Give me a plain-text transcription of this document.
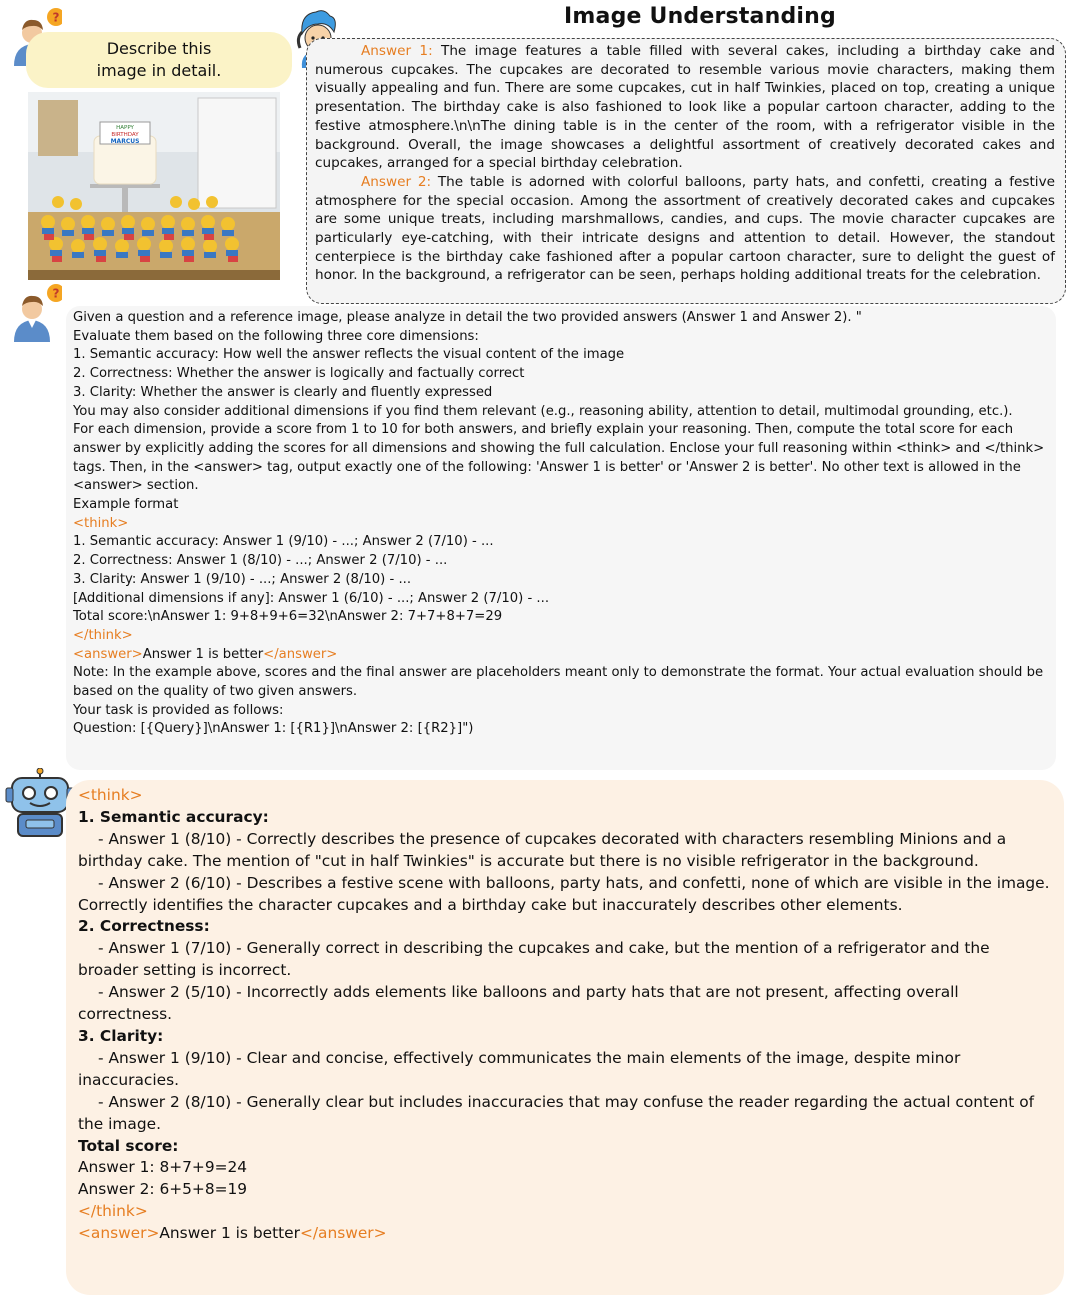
Image Understanding
?
Describe this image in detail.
HAPPY
BIRTHDAY
MARCUS

Answer 1: The image features a table filled with several cakes, including a birthday cake and numerous cupcakes. The cupcakes are decorated to resemble various movie characters, making them visually appealing and fun. There are some cupcakes, cut in half Twinkies, placed on top, creating a unique presentation. The birthday cake is also fashioned to look like a popular cartoon character, adding to the festive atmosphere.\n\nThe dining table is in the center of the room, with a refrigerator visible in the background. Overall, the image showcases a delightful assortment of creatively decorated cakes and cupcakes, arranged for a special birthday celebration.

Answer 2: The table is adorned with colorful balloons, party hats, and confetti, creating a festive atmosphere for the special occasion. Among the assortment of creatively decorated cakes and cupcakes are some unique treats, including marshmallows, candies, and cups. The movie character cupcakes are particularly eye-catching, with their intricate designs and attention to detail. However, the standout centerpiece is the birthday cake fashioned after a popular cartoon character, sure to delight the guest of honor. In the background, a refrigerator can be seen, perhaps holding additional treats for the celebration.

?
Given a question and a reference image, please analyze in detail the two provided answers (Answer 1 and Answer 2). "
Evaluate them based on the following three core dimensions:
1. Semantic accuracy: How well the answer reflects the visual content of the image
2. Correctness: Whether the answer is logically and factually correct
3. Clarity: Whether the answer is clearly and fluently expressed
You may also consider additional dimensions if you find them relevant (e.g., reasoning ability, attention to detail, multimodal grounding, etc.).
For each dimension, provide a score from 1 to 10 for both answers, and briefly explain your reasoning. Then, compute the total score for each answer by explicitly adding the scores for all dimensions and showing the full calculation. Enclose your full reasoning within <think> and </think> tags. Then, in the <answer> tag, output exactly one of the following: 'Answer 1 is better' or 'Answer 2 is better'. No other text is allowed in the <answer> section.
Example format
<think>
1. Semantic accuracy: Answer 1 (9/10) - ...; Answer 2 (7/10) - ...
2. Correctness: Answer 1 (8/10) - ...; Answer 2 (7/10) - ...
3. Clarity: Answer 1 (9/10) - ...; Answer 2 (8/10) - ...
[Additional dimensions if any]: Answer 1 (6/10) - ...; Answer 2 (7/10) - ...
Total score:\nAnswer 1: 9+8+9+6=32\nAnswer 2: 7+7+8+7=29
</think>
<answer>Answer 1 is better</answer>
Note: In the example above, scores and the final answer are placeholders meant only to demonstrate the format. Your actual evaluation should be based on the quality of two given answers.
Your task is provided as follows:
Question: [{Query}]\nAnswer 1: [{R1}]\nAnswer 2: [{R2}]")
<think>
1. Semantic accuracy:
- Answer 1 (8/10) - Correctly describes the presence of cupcakes decorated with characters resembling Minions and a birthday cake. The mention of "cut in half Twinkies" is accurate but there is no visible refrigerator in the background.
- Answer 2 (6/10) - Describes a festive scene with balloons, party hats, and confetti, none of which are visible in the image. Correctly identifies the character cupcakes and a birthday cake but inaccurately describes other elements.
2. Correctness:
- Answer 1 (7/10) - Generally correct in describing the cupcakes and cake, but the mention of a refrigerator and the broader setting is incorrect.
- Answer 2 (5/10) - Incorrectly adds elements like balloons and party hats that are not present, affecting overall correctness.
3. Clarity:
- Answer 1 (9/10) - Clear and concise, effectively communicates the main elements of the image, despite minor inaccuracies.
- Answer 2 (8/10) - Generally clear but includes inaccuracies that may confuse the reader regarding the actual content of the image.
Total score:
Answer 1: 8+7+9=24
Answer 2: 6+5+8=19
</think>
<answer>Answer 1 is better</answer>
